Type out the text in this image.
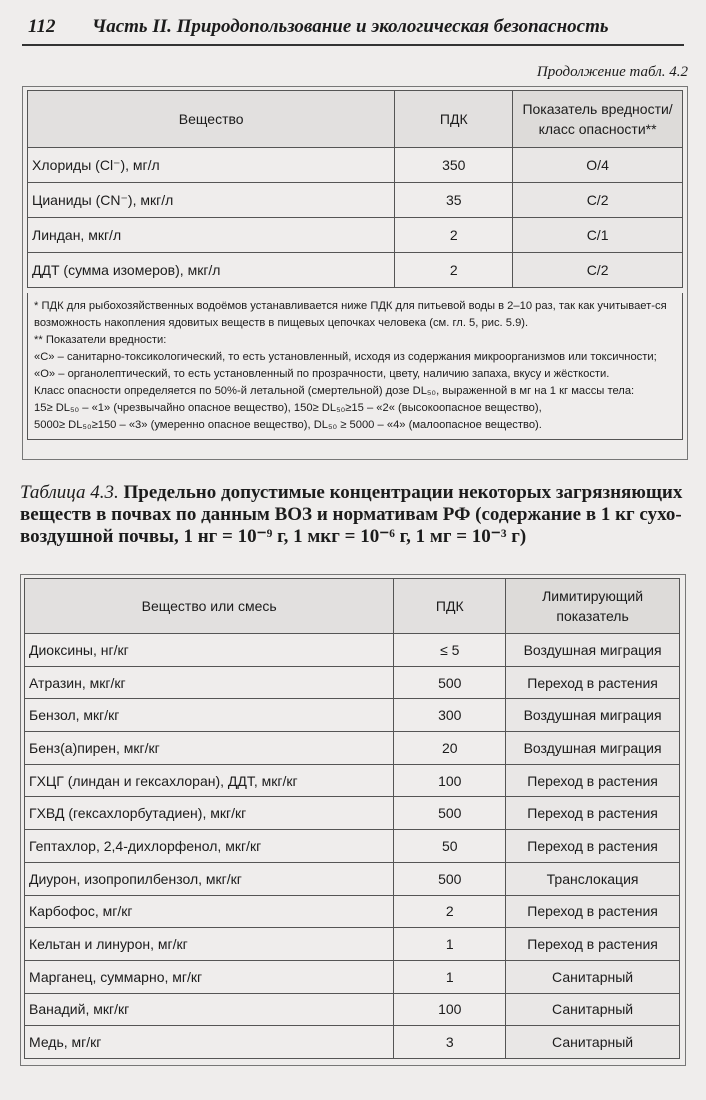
112 Часть II. Природопользование и экологическая безопасность
Продолжение табл. 4.2
Вещество	ПДК	Показатель вредности/ класс опасности**
Хлориды (Cl⁻), мг/л	350	О/4
Цианиды (CN⁻), мкг/л	35	С/2
Линдан, мкг/л	2	С/1
ДДТ (сумма изомеров), мкг/л	2	С/2

* ПДК для рыбохозяйственных водоёмов устанавливается ниже ПДК для питьевой воды в 2–10 раз, так как учитывает-ся возможность накопления ядовитых веществ в пищевых цепочках человека (см. гл. 5, рис. 5.9).

** Показатели вредности:

«С» – санитарно-токсикологический, то есть установленный, исходя из содержания микроорганизмов или токсичности;

«О» – органолептический, то есть установленный по прозрачности, цвету, наличию запаха, вкусу и жёсткости.

Класс опасности определяется по 50%-й летальной (смертельной) дозе DL₅₀, выраженной в мг на 1 кг массы тела:

15≥ DL₅₀ – «1» (чрезвычайно опасное вещество), 150≥ DL₅₀≥15 – «2« (высокоопасное вещество),

5000≥ DL₅₀≥150 – «3» (умеренно опасное вещество), DL₅₀ ≥ 5000 – «4» (малоопасное вещество).

Таблица 4.3. Предельно допустимые концентрации некоторых загрязняющих веществ в почвах по данным ВОЗ и нормативам РФ (содержание в 1 кг сухо-воздушной почвы, 1 нг = 10⁻⁹ г, 1 мкг = 10⁻⁶ г, 1 мг = 10⁻³ г)
Вещество или смесь	ПДК	Лимитирующий показатель
Диоксины, нг/кг	≤ 5	Воздушная миграция
Атразин, мкг/кг	500	Переход в растения
Бензол, мкг/кг	300	Воздушная миграция
Бенз(а)пирен, мкг/кг	20	Воздушная миграция
ГХЦГ (линдан и гексахлоран), ДДТ, мкг/кг	100	Переход в растения
ГХВД (гексахлорбутадиен), мкг/кг	500	Переход в растения
Гептахлор, 2,4-дихлорфенол, мкг/кг	50	Переход в растения
Диурон, изопропилбензол, мкг/кг	500	Транслокация
Карбофос, мг/кг	2	Переход в растения
Кельтан и линурон, мг/кг	1	Переход в растения
Марганец, суммарно, мг/кг	1	Санитарный
Ванадий, мкг/кг	100	Санитарный
Медь, мг/кг	3	Санитарный
